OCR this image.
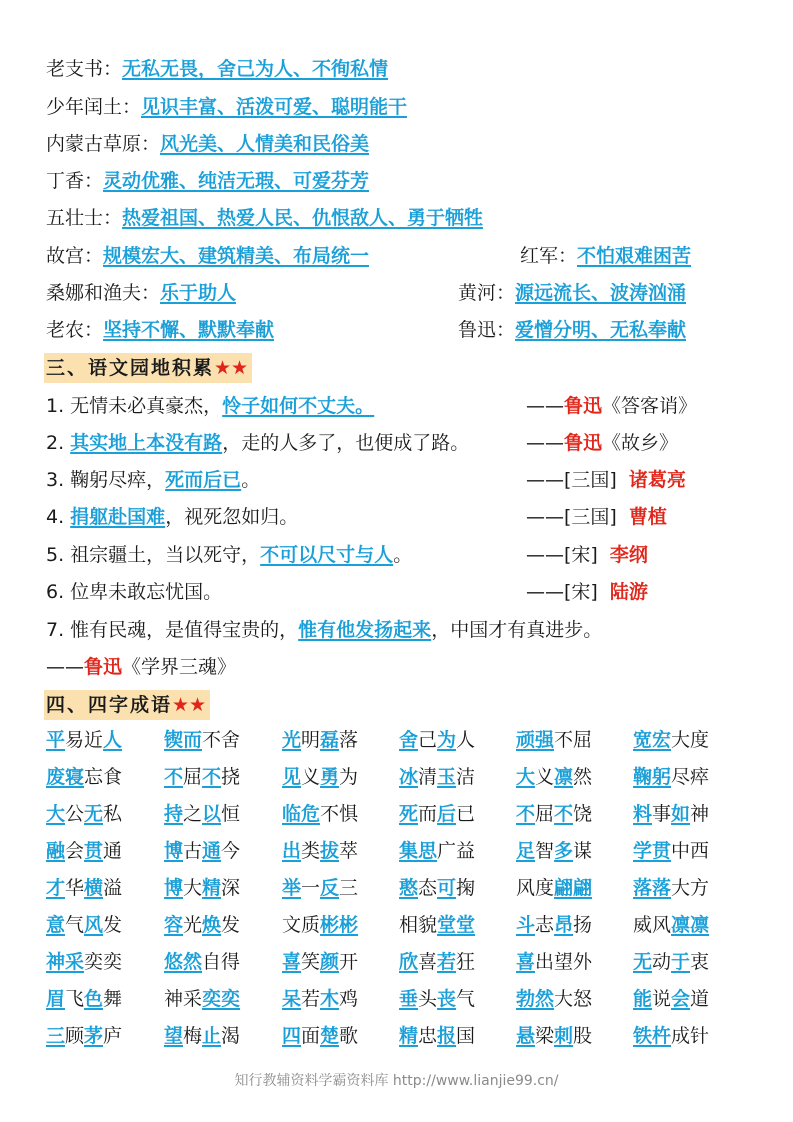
老支书：无私无畏，舍己为人、不徇私情
少年闰土：见识丰富、活泼可爱、聪明能干
内蒙古草原：风光美、人情美和民俗美
丁香：灵动优雅、纯洁无瑕、可爱芬芳
五壮士：热爱祖国、热爱人民、仇恨敌人、勇于牺牲
故宫：规模宏大、建筑精美、布局统一	红军：不怕艰难困苦
桑娜和渔夫：乐于助人	黄河：源远流长、波涛汹涌
老农：坚持不懈、默默奉献	鲁迅：爱憎分明、无私奉献
三、语文园地积累★★
1. 无情未必真豪杰，怜子如何不丈夫。	——鲁迅《答客诮》
2. 其实地上本没有路，走的人多了，也便成了路。	——鲁迅《故乡》
3. 鞠躬尽瘁，死而后已。	——[三国] 诸葛亮
4. 捐躯赴国难，视死忽如归。	——[三国] 曹植
5. 祖宗疆土，当以死守，不可以尺寸与人。	——[宋] 李纲
6. 位卑未敢忘忧国。	——[宋] 陆游
7. 惟有民魂，是值得宝贵的，惟有他发扬起来，中国才有真进步。
——鲁迅《学界三魂》
四、四字成语★★
平易近人 锲而不舍 光明磊落 舍己为人 顽强不屈 宽宏大度
废寝忘食 不屈不挠 见义勇为 冰清玉洁 大义凛然 鞠躬尽瘁
大公无私 持之以恒 临危不惧 死而后已 不屈不饶 料事如神
融会贯通 博古通今 出类拔萃 集思广益 足智多谋 学贯中西
才华横溢 博大精深 举一反三 憨态可掬 风度翩翩 落落大方
意气风发 容光焕发 文质彬彬 相貌堂堂 斗志昂扬 威风凛凛
神采奕奕 悠然自得 喜笑颜开 欣喜若狂 喜出望外 无动于衷
眉飞色舞 神采奕奕 呆若木鸡 垂头丧气 勃然大怒 能说会道
三顾茅庐 望梅止渴 四面楚歌 精忠报国 悬梁刺股 铁杵成针
知行教辅资料学霸资料库 http://www.lianjie99.cn/
